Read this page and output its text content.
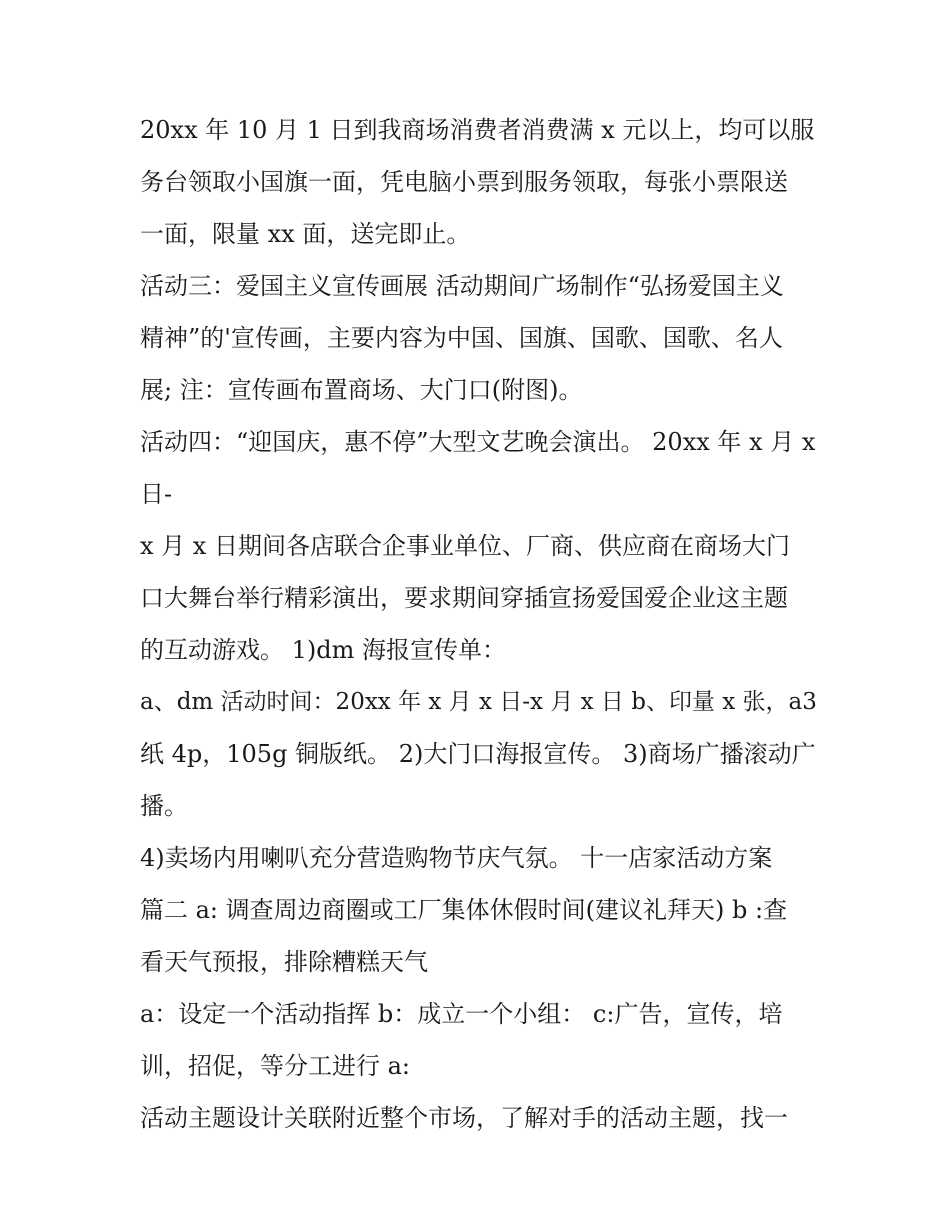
20xx 年 10 月 1 日到我商场消费者消费满 x 元以上，均可以服
务台领取小国旗一面，凭电脑小票到服务领取，每张小票限送
一面，限量 xx 面，送完即止。
活动三：爱国主义宣传画展 活动期间广场制作“弘扬爱国主义
精神”的'宣传画，主要内容为中国、国旗、国歌、国歌、名人
展; 注：宣传画布置商场、大门口(附图)。
活动四：“迎国庆，惠不停”大型文艺晚会演出。 20xx 年 x 月 x
日-
x 月 x 日期间各店联合企事业单位、厂商、供应商在商场大门
口大舞台举行精彩演出，要求期间穿插宣扬爱国爱企业这主题
的互动游戏。 1)dm 海报宣传单：
a、dm 活动时间：20xx 年 x 月 x 日-x 月 x 日 b、印量 x 张，a3
纸 4p，105g 铜版纸。 2)大门口海报宣传。 3)商场广播滚动广
播。
4)卖场内用喇叭充分营造购物节庆气氛。 十一店家活动方案
篇二 a: 调查周边商圈或工厂集体休假时间(建议礼拜天) b :查
看天气预报，排除糟糕天气
a：设定一个活动指挥 b：成立一个小组： c:广告，宣传，培
训，招促，等分工进行 a:
活动主题设计关联附近整个市场，了解对手的活动主题，找一
